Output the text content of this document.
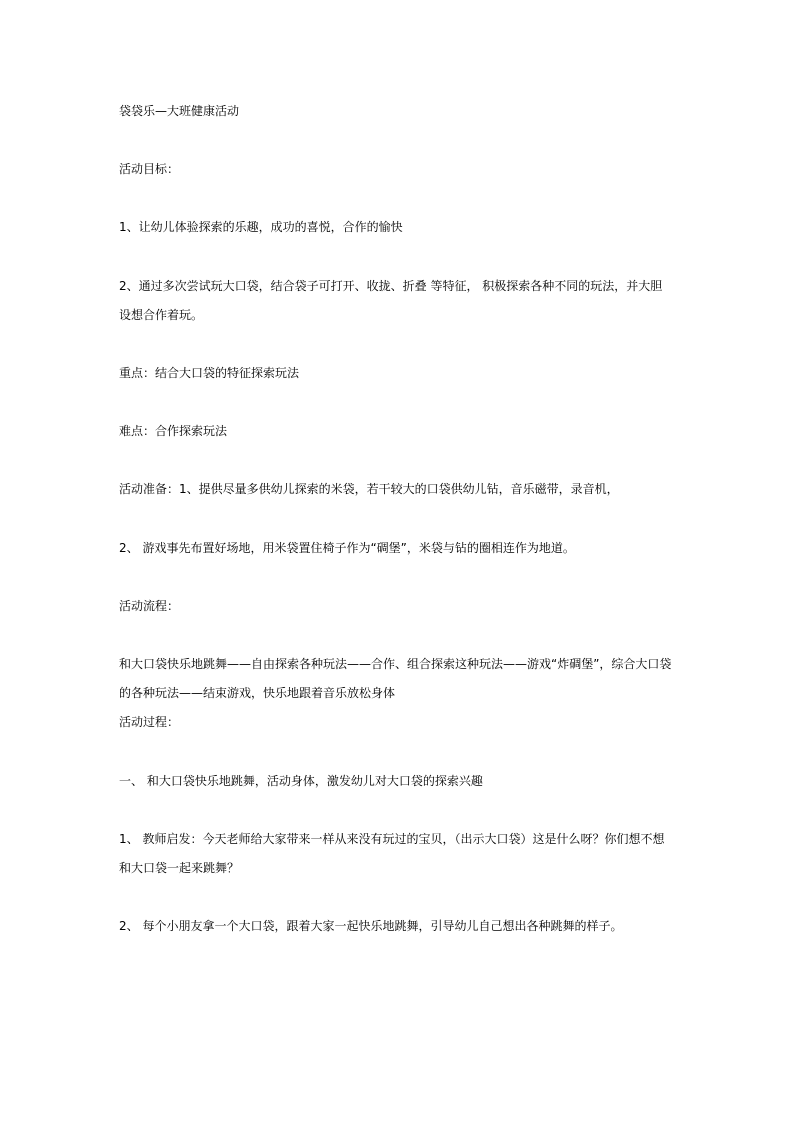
袋袋乐—大班健康活动
活动目标：
1、让幼儿体验探索的乐趣，成功的喜悦，合作的愉快
2、通过多次尝试玩大口袋，结合袋子可打开、收拢、折叠 等特征， 积极探索各种不同的玩法，并大胆
设想合作着玩。
重点：结合大口袋的特征探索玩法
难点：合作探索玩法
活动准备：1、提供尽量多供幼儿探索的米袋，若干较大的口袋供幼儿钻，音乐磁带，录音机，
2、 游戏事先布置好场地，用米袋置住椅子作为“碉堡”，米袋与钻的圈相连作为地道。
活动流程：
和大口袋快乐地跳舞——自由探索各种玩法——合作、组合探索这种玩法——游戏“炸碉堡”，综合大口袋
的各种玩法——结束游戏，快乐地跟着音乐放松身体
活动过程：
一、 和大口袋快乐地跳舞，活动身体，激发幼儿对大口袋的探索兴趣
1、 教师启发：今天老师给大家带来一样从来没有玩过的宝贝，（出示大口袋）这是什么呀？你们想不想
和大口袋一起来跳舞？
2、 每个小朋友拿一个大口袋，跟着大家一起快乐地跳舞，引导幼儿自己想出各种跳舞的样子。
